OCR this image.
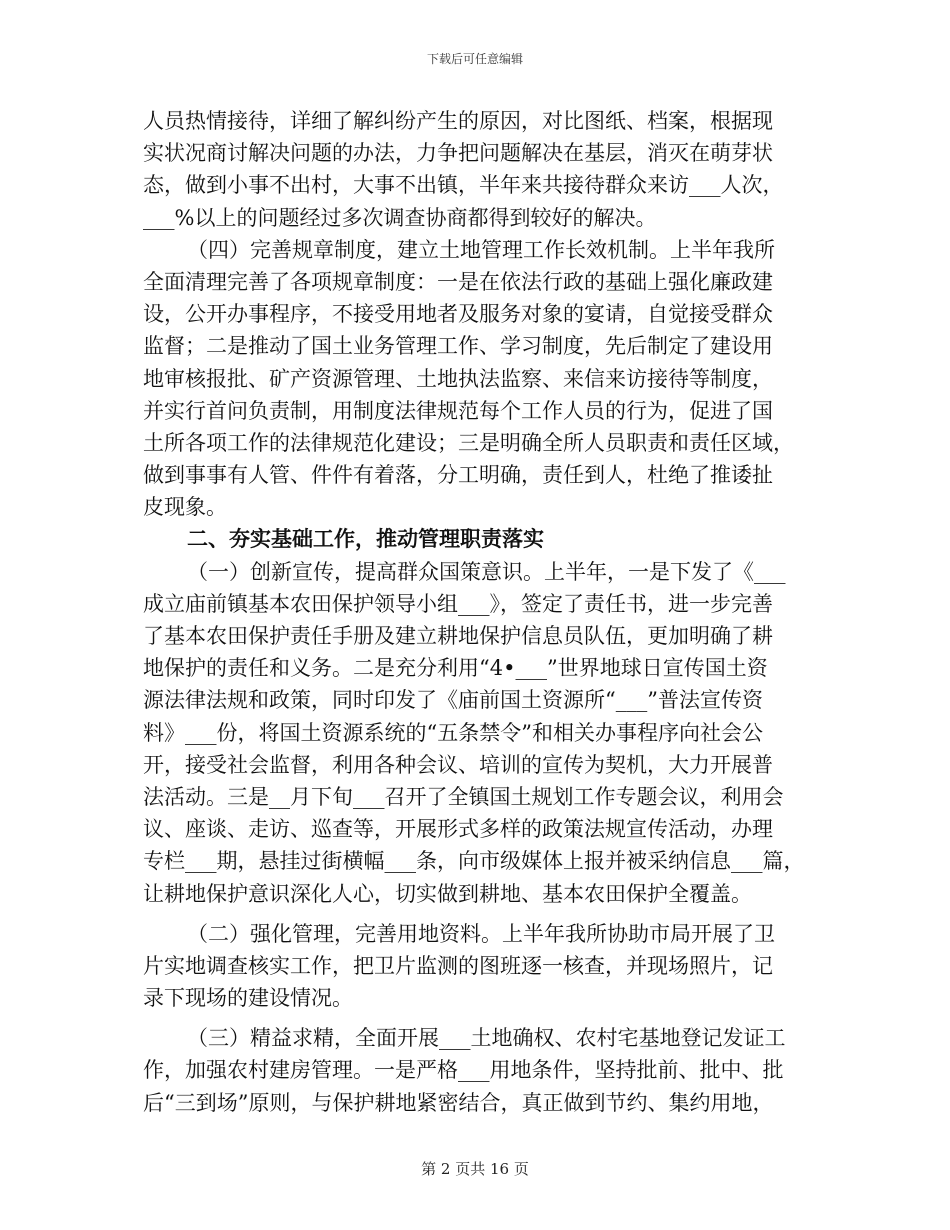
下载后可任意编辑
人员热情接待，详细了解纠纷产生的原因，对比图纸、档案，根据现
实状况商讨解决问题的办法，力争把问题解决在基层，消灭在萌芽状
态，做到小事不出村，大事不出镇，半年来共接待群众来访___人次，
___%以上的问题经过多次调查协商都得到较好的解决。
（四）完善规章制度，建立土地管理工作长效机制。上半年我所
全面清理完善了各项规章制度：一是在依法行政的基础上强化廉政建
设，公开办事程序，不接受用地者及服务对象的宴请，自觉接受群众
监督；二是推动了国土业务管理工作、学习制度，先后制定了建设用
地审核报批、矿产资源管理、土地执法监察、来信来访接待等制度，
并实行首问负责制，用制度法律规范每个工作人员的行为，促进了国
土所各项工作的法律规范化建设；三是明确全所人员职责和责任区域，
做到事事有人管、件件有着落，分工明确，责任到人，杜绝了推诿扯
皮现象。
二、夯实基础工作，推动管理职责落实
（一）创新宣传，提高群众国策意识。上半年，一是下发了《___
成立庙前镇基本农田保护领导小组___》，签定了责任书，进一步完善
了基本农田保护责任手册及建立耕地保护信息员队伍，更加明确了耕
地保护的责任和义务。二是充分利用“4•___”世界地球日宣传国土资
源法律法规和政策，同时印发了《庙前国土资源所“___”普法宣传资
料》___份，将国土资源系统的“五条禁令”和相关办事程序向社会公
开，接受社会监督，利用各种会议、培训的宣传为契机，大力开展普
法活动。三是__月下旬___召开了全镇国土规划工作专题会议，利用会
议、座谈、走访、巡查等，开展形式多样的政策法规宣传活动，办理
专栏___期，悬挂过街横幅___条，向市级媒体上报并被采纳信息___篇，
让耕地保护意识深化人心，切实做到耕地、基本农田保护全覆盖。
（二）强化管理，完善用地资料。上半年我所协助市局开展了卫
片实地调查核实工作，把卫片监测的图班逐一核查，并现场照片，记
录下现场的建设情况。
（三）精益求精，全面开展___土地确权、农村宅基地登记发证工
作，加强农村建房管理。一是严格___用地条件，坚持批前、批中、批
后“三到场”原则，与保护耕地紧密结合，真正做到节约、集约用地，
第 2 页共 16 页
